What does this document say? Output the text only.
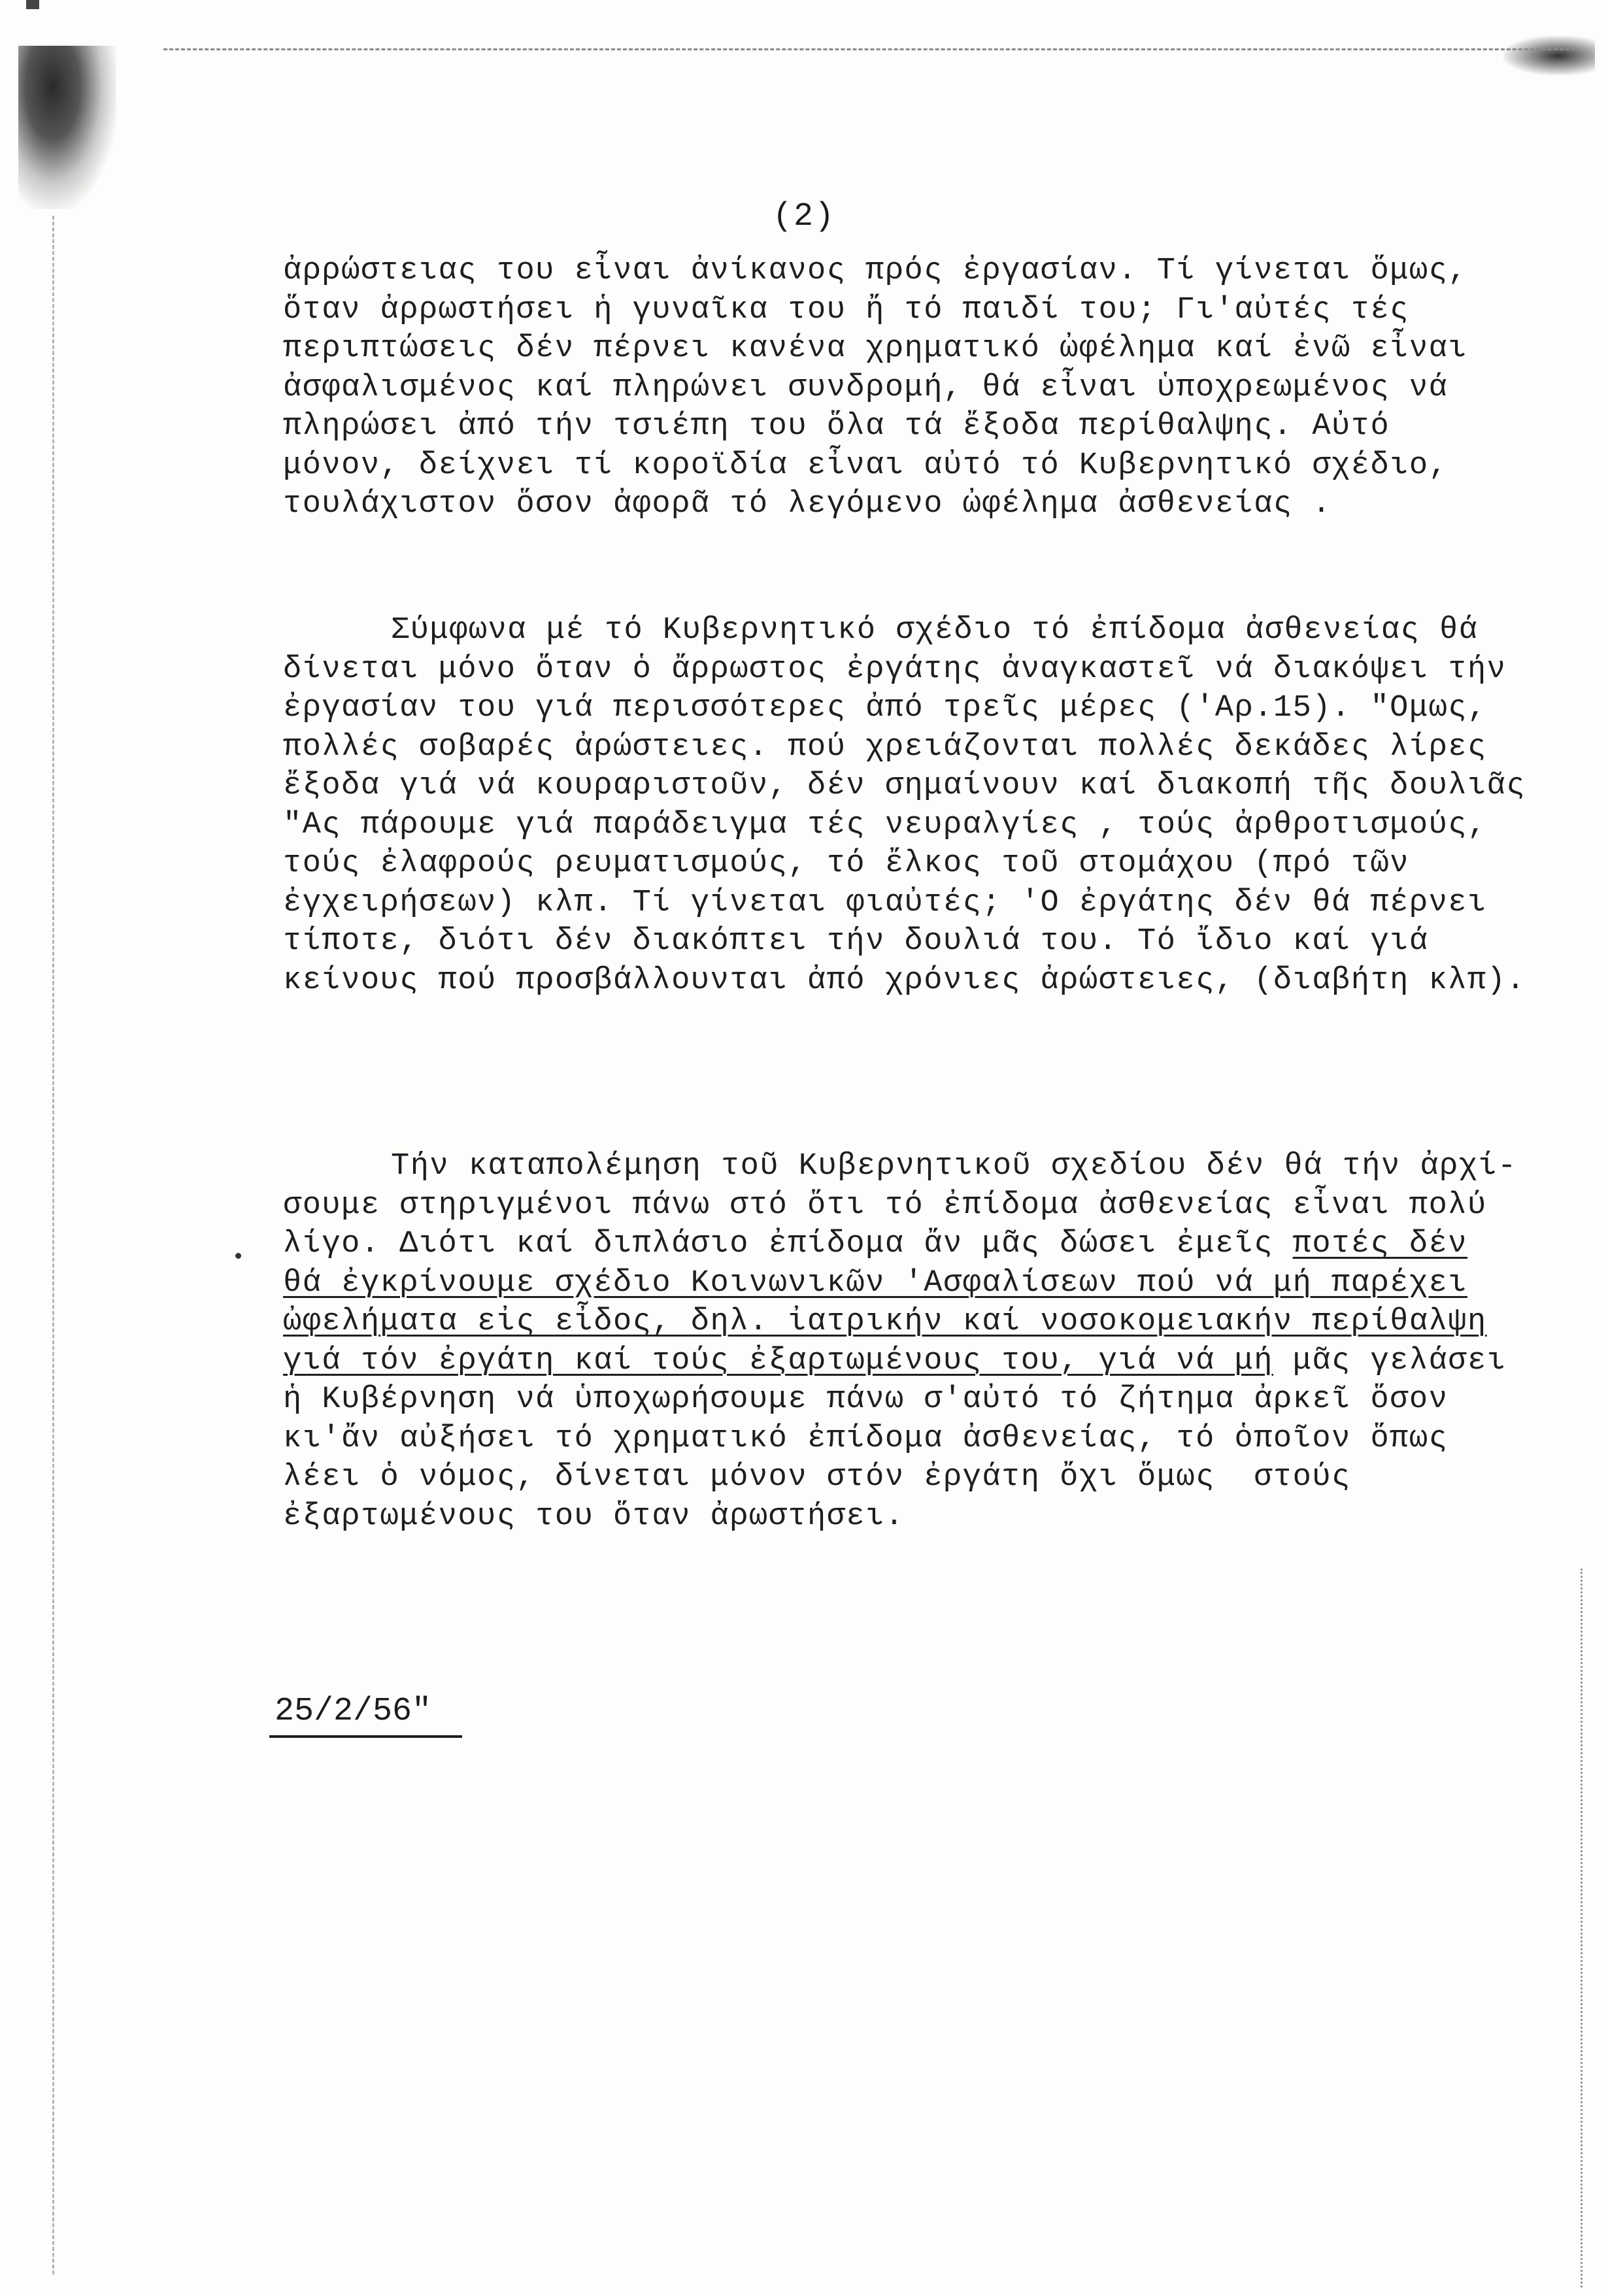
(2)
ἀρρώστειας του εἶναι ἀνίκανος πρός ἐργασίαν. Τί γίνεται ὅμως,
ὅταν ἀρρωστήσει ἡ γυναῖκα του ἤ τό παιδί του; Γι'αὐτές τές
περιπτώσεις δέν πέρνει κανένα χρηματικό ὠφέλημα καί ἐνῶ εἶναι
ἀσφαλισμένος καί πληρώνει συνδρομή, θά εἶναι ὑποχρεωμένος νά
πληρώσει ἀπό τήν τσιέπη του ὅλα τά ἔξοδα περίθαλψης. Αὐτό
μόνον, δείχνει τί κοροϊδία εἶναι αὐτό τό Κυβερνητικό σχέδιο,
τουλάχιστον ὅσον ἀφορᾶ τό λεγόμενο ὠφέλημα ἀσθενείας .
Σύμφωνα μέ τό Κυβερνητικό σχέδιο τό ἐπίδομα ἀσθενείας θά
δίνεται μόνο ὅταν ὁ ἄρρωστος ἐργάτης ἀναγκαστεῖ νά διακόψει τήν
ἐργασίαν του γιά περισσότερες ἀπό τρεῖς μέρες ('Αρ.15). "Ομως,
πολλές σοβαρές ἀρώστειες. πού χρειάζονται πολλές δεκάδες λίρες
ἔξοδα γιά νά κουραριστοῦν, δέν σημαίνουν καί διακοπή τῆς δουλιᾶς
"Ας πάρουμε γιά παράδειγμα τές νευραλγίες , τούς ἀρθροτισμούς,
τούς ἐλαφρούς ρευματισμούς, τό ἔλκος τοῦ στομάχου (πρό τῶν
ἐγχειρήσεων) κλπ. Τί γίνεται φιαὐτές; 'Ο ἐργάτης δέν θά πέρνει
τίποτε, διότι δέν διακόπτει τήν δουλιά του. Τό ἴδιο καί γιά
κείνους πού προσβάλλουνται ἀπό χρόνιες ἀρώστειες, (διαβήτη κλπ).
Τήν καταπολέμηση τοῦ Κυβερνητικοῦ σχεδίου δέν θά τήν ἀρχί-
σουμε στηριγμένοι πάνω στό ὅτι τό ἐπίδομα ἀσθενείας εἶναι πολύ
λίγο. Διότι καί διπλάσιο ἐπίδομα ἄν μᾶς δώσει ἐμεῖς ποτές δέν
θά ἐγκρίνουμε σχέδιο Κοινωνικῶν 'Ασφαλίσεων πού νά μή παρέχει
ὠφελήματα εἰς εἶδος, δηλ. ἰατρικήν καί νοσοκομειακήν περίθαλψη
γιά τόν ἐργάτη καί τούς ἐξαρτωμένους του, γιά νά μή μᾶς γελάσει
ἡ Κυβέρνηση νά ὑποχωρήσουμε πάνω σ'αὐτό τό ζήτημα ἀρκεῖ ὅσον
κι'ἄν αὐξήσει τό χρηματικό ἐπίδομα ἀσθενείας, τό ὁποῖον ὅπως
λέει ὁ νόμος, δίνεται μόνον στόν ἐργάτη ὄχι ὅμως  στούς
ἐξαρτωμένους του ὅταν ἀρωστήσει.
25/2/56"
